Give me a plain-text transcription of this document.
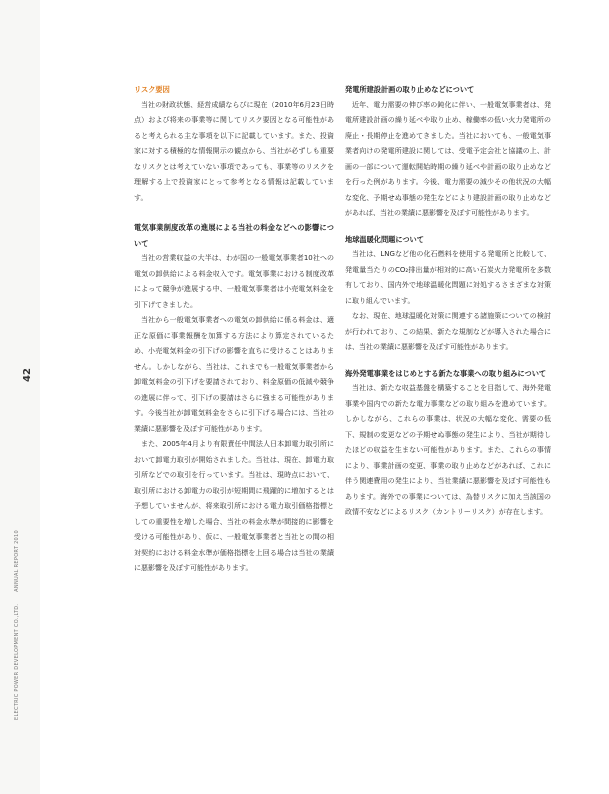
ELECTRIC POWER DEVELOPMENT CO.,LTD. ANNUAL REPORT 2010
42
リスク要因

当社の財政状態、経営成績ならびに現在（2010年6月23日時点）および将来の事業等に関してリスク要因となる可能性があると考えられる主な事項を以下に記載しています。また、投資家に対する積極的な情報開示の観点から、当社が必ずしも重要なリスクとは考えていない事項であっても、事業等のリスクを理解する上で投資家にとって参考となる情報は記載しています。

電気事業制度改革の進展による当社の料金などへの影響について

当社の営業収益の大半は、わが国の一般電気事業者10社への電気の卸供給による料金収入です。電気事業における制度改革によって競争が進展する中、一般電気事業者は小売電気料金を引下げてきました。

当社から一般電気事業者への電気の卸供給に係る料金は、適正な原価に事業報酬を加算する方法により算定されているため、小売電気料金の引下げの影響を直ちに受けることはありません。しかしながら、当社は、これまでも一般電気事業者から卸電気料金の引下げを要請されており、料金原価の低減や競争の進展に伴って、引下げの要請はさらに強まる可能性があります。今後当社が卸電気料金をさらに引下げる場合には、当社の業績に悪影響を及ぼす可能性があります。

また、2005年4月より有限責任中間法人日本卸電力取引所において卸電力取引が開始されました。当社は、現在、卸電力取引所などでの取引を行っています。当社は、現時点において、取引所における卸電力の取引が短期間に飛躍的に増加するとは予想していませんが、将来取引所における電力取引価格指標としての重要性を増した場合、当社の料金水準が間接的に影響を受ける可能性があり、仮に、一般電気事業者と当社との間の相対契約における料金水準が価格指標を上回る場合は当社の業績に悪影響を及ぼす可能性があります。

発電所建設計画の取り止めなどについて

近年、電力需要の伸び率の鈍化に伴い、一般電気事業者は、発電所建設計画の繰り延べや取り止め、稼働率の低い火力発電所の廃止・長期停止を進めてきました。当社においても、一般電気事業者向けの発電所建設に関しては、受電予定会社と協議の上、計画の一部について運転開始時期の繰り延べや計画の取り止めなどを行った例があります。今後、電力需要の減少その他状況の大幅な変化、予期せぬ事態の発生などにより建設計画の取り止めなどがあれば、当社の業績に悪影響を及ぼす可能性があります。

地球温暖化問題について

当社は、LNGなど他の化石燃料を使用する発電所と比較して、発電量当たりのCO₂排出量が相対的に高い石炭火力発電所を多数有しており、国内外で地球温暖化問題に対処するさまざまな対策に取り組んでいます。

なお、現在、地球温暖化対策に関連する諸施策についての検討が行われており、この結果、新たな規制などが導入された場合には、当社の業績に悪影響を及ぼす可能性があります。

海外発電事業をはじめとする新たな事業への取り組みについて

当社は、新たな収益基盤を構築することを目指して、海外発電事業や国内での新たな電力事業などの取り組みを進めています。しかしながら、これらの事業は、状況の大幅な変化、需要の低下、規制の変更などの予期せぬ事態の発生により、当社が期待したほどの収益を生まない可能性があります。また、これらの事情により、事業計画の変更、事業の取り止めなどがあれば、これに伴う関連費用の発生により、当社業績に悪影響を及ぼす可能性もあります。海外での事業については、為替リスクに加え当該国の政情不安などによるリスク（カントリーリスク）が存在します。
